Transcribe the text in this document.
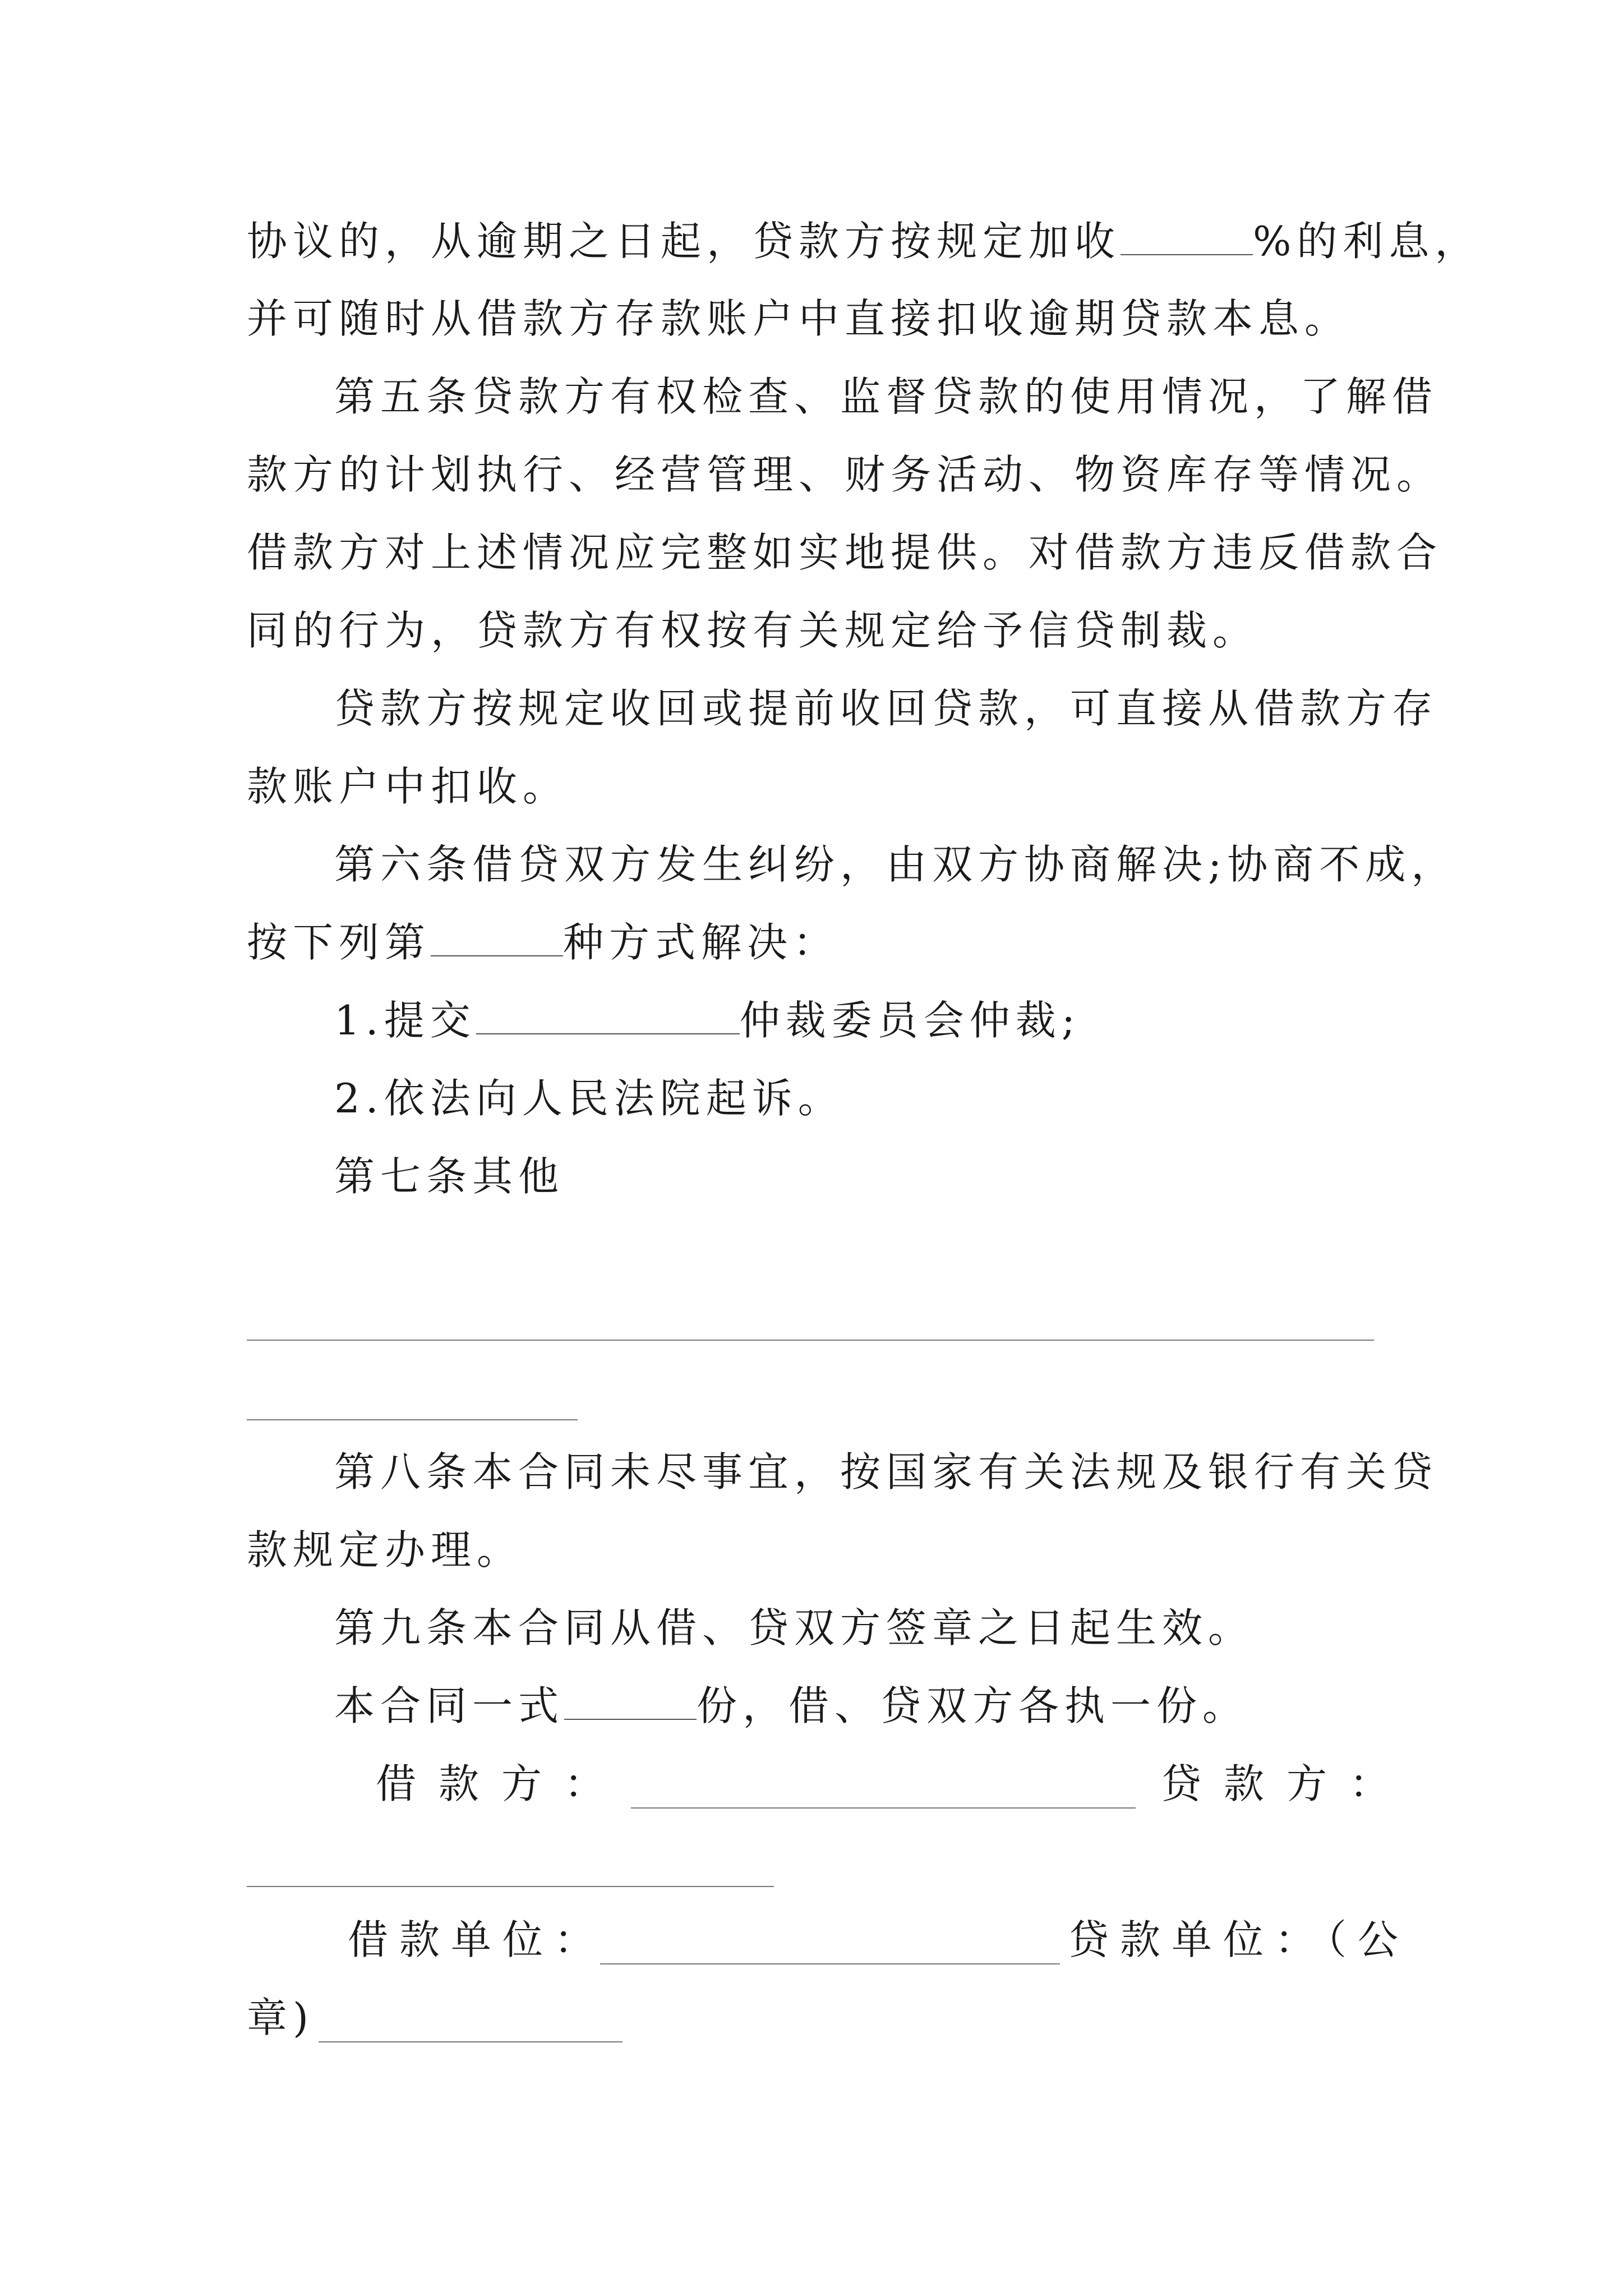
协议的，从逾期之日起，贷款方按规定加收	%的利息，
并可随时从借款方存款账户中直接扣收逾期贷款本息。
第五条贷款方有权检查、监督贷款的使用情况，了解借
款方的计划执行、经营管理、财务活动、物资库存等情况。
借款方对上述情况应完整如实地提供。对借款方违反借款合
同的行为，贷款方有权按有关规定给予信贷制裁。
贷款方按规定收回或提前收回贷款，可直接从借款方存
款账户中扣收。
第六条借贷双方发生纠纷，由双方协商解决;协商不成，
按下列第	种方式解决：
1.提交	仲裁委员会仲裁;
2.依法向人民法院起诉。
第七条其他
第八条本合同未尽事宜，按国家有关法规及银行有关贷
款规定办理。
第九条本合同从借、贷双方签章之日起生效。
本合同一式	份，借、贷双方各执一份。
借款方：	贷款方：
借款单位：	贷款单位：（公
章)
